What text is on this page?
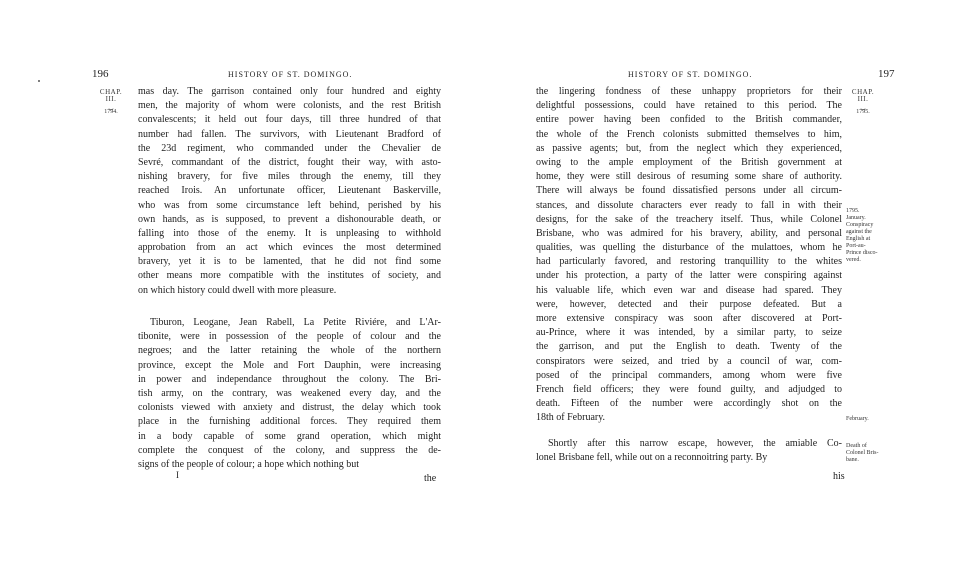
196	HISTORY OF ST. DOMINGO.
CHAP. III.
⏟
1794.
mas day. The garrison contained only four hundred and eighty
men, the majority of whom were colonists, and the rest British
convalescents; it held out four days, till three hundred of that
number had fallen. The survivors, with Lieutenant Bradford of
the 23d regiment, who commanded under the Chevalier de
Sevré, commandant of the district, fought their way, with asto-
nishing bravery, for five miles through the enemy, till they
reached Irois. An unfortunate officer, Lieutenant Baskerville,
who was from some circumstance left behind, perished by his
own hands, as is supposed, to prevent a dishonourable death, or
falling into those of the enemy. It is unpleasing to withhold
approbation from an act which evinces the most determined
bravery, yet it is to be lamented, that he did not find some
other means more compatible with the institutes of society, and
on which history could dwell with more pleasure.
Tiburon, Leogane, Jean Rabell, La Petite Riviére, and L'Ar-
tibonite, were in possession of the people of colour and the
negroes; and the latter retaining the whole of the northern
province, except the Mole and Fort Dauphin, were increasing
in power and independance throughout the colony. The Bri-
tish army, on the contrary, was weakened every day, and the
colonists viewed with anxiety and distrust, the delay which took
place in the furnishing additional forces. They required them
in a body capable of some grand operation, which might
complete the conquest of the colony, and suppress the de-
signs of the people of colour; a hope which nothing but
I	the
HISTORY OF ST. DOMINGO.	197
CHAP. III.
⏟
1795.
the lingering fondness of these unhappy proprietors for their
delightful possessions, could have retained to this period. The
entire power having been confided to the British commander,
the whole of the French colonists submitted themselves to him,
as passive agents; but, from the neglect which they experienced,
owing to the ample employment of the British government at
home, they were still desirous of resuming some share of authority.
There will always be found dissatisfied persons under all circum-
stances, and dissolute characters ever ready to fall in with their
designs, for the sake of the treachery itself. Thus, while Colonel
Brisbane, who was admired for his bravery, ability, and personal
qualities, was quelling the disturbance of the mulattoes, whom he
had particularly favored, and restoring tranquillity to the whites
under his protection, a party of the latter were conspiring against
his valuable life, which even war and disease had spared. They
were, however, detected and their purpose defeated. But a
more extensive conspiracy was soon after discovered at Port-
au-Prince, where it was intended, by a similar party, to seize
the garrison, and put the English to death. Twenty of the
conspirators were seized, and tried by a council of war, com-
posed of the principal commanders, among whom were five
French field officers; they were found guilty, and adjudged to
death. Fifteen of the number were accordingly shot on the
18th of February.
Shortly after this narrow escape, however, the amiable Co-
lonel Brisbane fell, while out on a reconnoitring party. By
1795.
January.
Conspiracy
against the
English at
Port-au-
Prince disco-
vered.
February.
Death of
Colonel Bris-
bane.
his
